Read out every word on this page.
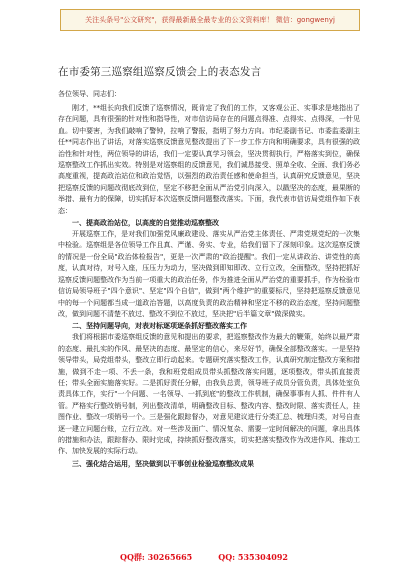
关注头条号"公文研究"，获得最新最全最专业的公文资料库！ 微信：gongwenyj
在市委第三巡察组巡察反馈会上的表态发言

各位领导、同志们：

刚才，**组长向我们反馈了巡察情况，既肯定了我们的工作，又客观公正、实事求是地指出了存在问题，具有很强的针对性和指导性，对市信访局存在的问题点得准、点得实、点得深，一针见血。切中要害，为我们敲响了警钟，拉响了警报，指明了努力方向。市纪委副书记、市委监委副主任**同志作出了讲话，对落实巡察反馈意见整改提出了下一步工作方向和明确要求，具有很强的政治性和针对性，两位领导的讲话，我们一定要认真学习领会，坚决贯彻执行，严格落实到位，确保巡察整改工作抓出实效。特别是对巡察组的反馈意见，我们诚恳接受、照单全收、全面、我们务必高度重视，提高政治站位和政治觉悟，以强烈的政治责任感和使命担当，认真研究反馈意见，坚决把巡察反馈的问题改彻底改到位，坚定不移把全面从严治党引向深入，以戳坚决的态度，最果断的举措、最有力的保障，切实抓好本次巡察反馈问题整改落实。下面，我代表市信访局党组作如下表态：

一、提高政治站位，以高度的自觉推动巡察整改

开展巡察工作，是对我们加强党风廉政建设、落实从严治党主体责任、严肃党规党纪的一次集中检验。巡察组是各位领导工作且真、严谨、务实、专业，给我们留下了深刻印象。这次巡察反馈的情况是一份全局"政治体检报告"，更是一次严肃的"政治提醒"。我们一定从讲政治、讲党性的高度，认真对待，对号入座，压压力为动力，坚决做到即知即改、立行立改，全面整改，坚持把抓好巡察反馈问题整改作为当前一项重大的政治任务，作为推进全面从严治党的重要抓手，作为检验市信访局领导班子"四个意识"、坚定"四个自信"，做到"两个维护"的重要标尺，坚持把巡察反馈意见中的每一个问题都当成一道政治答题，以高度负责的政治精神和坚定不移的政治态度，坚持问题整改，做到问题不清楚不放过、整改不到位不放过，坚决把"后半篇文章"做深做实。

二、坚持问题导向，对表对标逐项逐条抓好整改落实工作

我们将根据市委巡察组反馈的意见和提出的要求，把巡察整改作为最大的鞭策，始终以最严肃的态度、最扎实的作风、最坚决的态度、最坚定的信心，来尽好节，确保全部整改落实。一是坚持领导带头，局党组带头，整改立即行动起来。专题研究落实整改工作，认真研究制定整改方案和措施，做到不走一项、不丢一条，我和班党组成员带头抓整改落实问题，逐项整改，带头抓直接责任；带头全面实施落实好。二是抓好责任分解，由我负总责，领导班子成员分管负责，具体处室负责具体工作，实行"一个问题、一名领导、一抓到底"的整改工作机制，确保事事有人抓、件件有人管。严格实行整改销号制，列出整改清单，明确整改目标、整改内容、整改时限、落实责任人，挂图作业、整改一项销号一个。三是强化跟踪督办，对意见建议进行分类汇总、梳理归类，对号自查逐一建立问题台账，立行立改。对一些涉及面广、情况复杂、需要一定时间解决的问题，拿出具体的措施和办法，跟踪督办、限时完成，持续抓好整改落实，切实把落实整改作为改进作风、推动工作、加快发展的实际行动。

三、强化结合运用，坚决做到以干事创业检验巡察整改成果

QQ群: 30265665	QQ: 535304092
